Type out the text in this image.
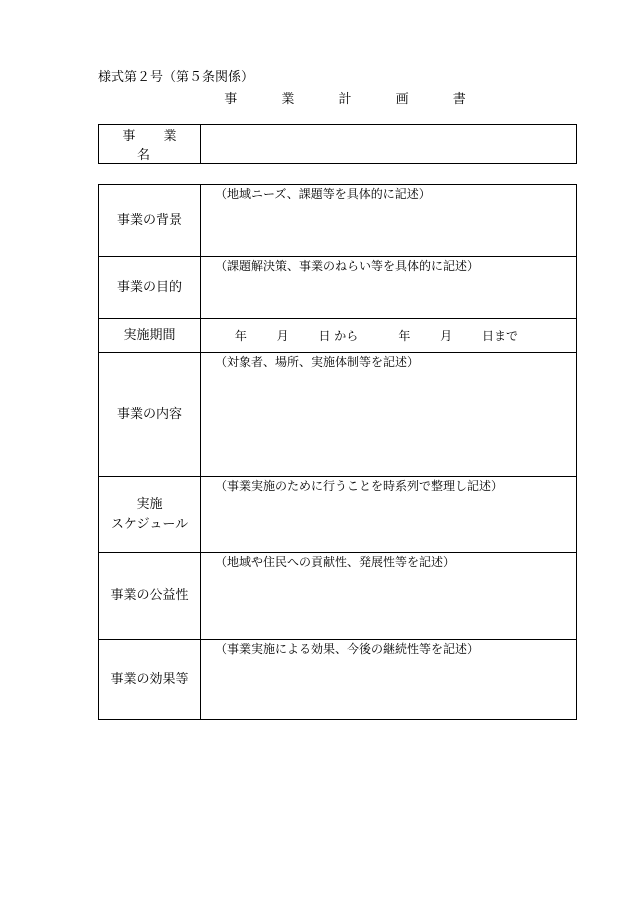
様式第２号（第５条関係）
事 業 計 画 書
事 業 名	
事業の背景	（地域ニーズ、課題等を具体的に記述）

事業の目的	（課題解決策、事業のねらい等を具体的に記述）

実施期間	年 月 日 から 年 月 日まで
事業の内容	（対象者、場所、実施体制等を記述）

実施
スケジュール	（事業実施のために行うことを時系列で整理し記述）

事業の公益性	（地域や住民への貢献性、発展性等を記述）

事業の効果等	（事業実施による効果、今後の継続性等を記述）
